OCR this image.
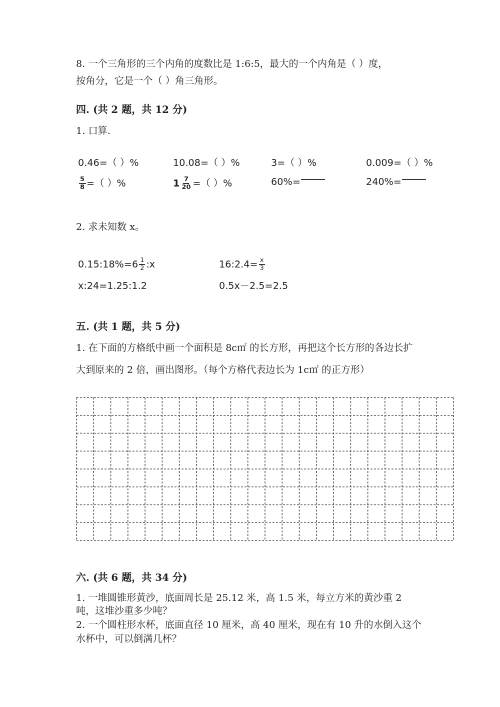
8. 一个三角形的三个内角的度数比是 1:6:5，最大的一个内角是（ ）度，
按角分，它是一个（ ）角三角形。
四. (共 2 题，共 12 分)
1. 口算.
0.46=（ ）%	10.08=（ ）%	3=（ ）%	0.009=（ ）%
$\frac{5}{8}$ =（ ）%	$1 \frac{7}{20}$ =（ ）%	60%=	240%=
2. 求未知数 x。
0.15:18%=6 $\frac{1}{2}$ :x	16:2.4= $\frac{x}{3}$
x:24=1.25:1.2	0.5x－2.5=2.5
五. (共 1 题，共 5 分)
1. 在下面的方格纸中画一个面积是 8c㎡ 的长方形，再把这个长方形的各边长扩
大到原来的 2 倍，画出图形。（每个方格代表边长为 1c㎡ 的正方形）
六. (共 6 题，共 34 分)
1. 一堆圆锥形黄沙，底面周长是 25.12 米，高 1.5 米，每立方米的黄沙重 2
吨，这堆沙重多少吨？
2. 一个圆柱形水杯，底面直径 10 厘米，高 40 厘米，现在有 10 升的水倒入这个
水杯中，可以倒满几杯？
